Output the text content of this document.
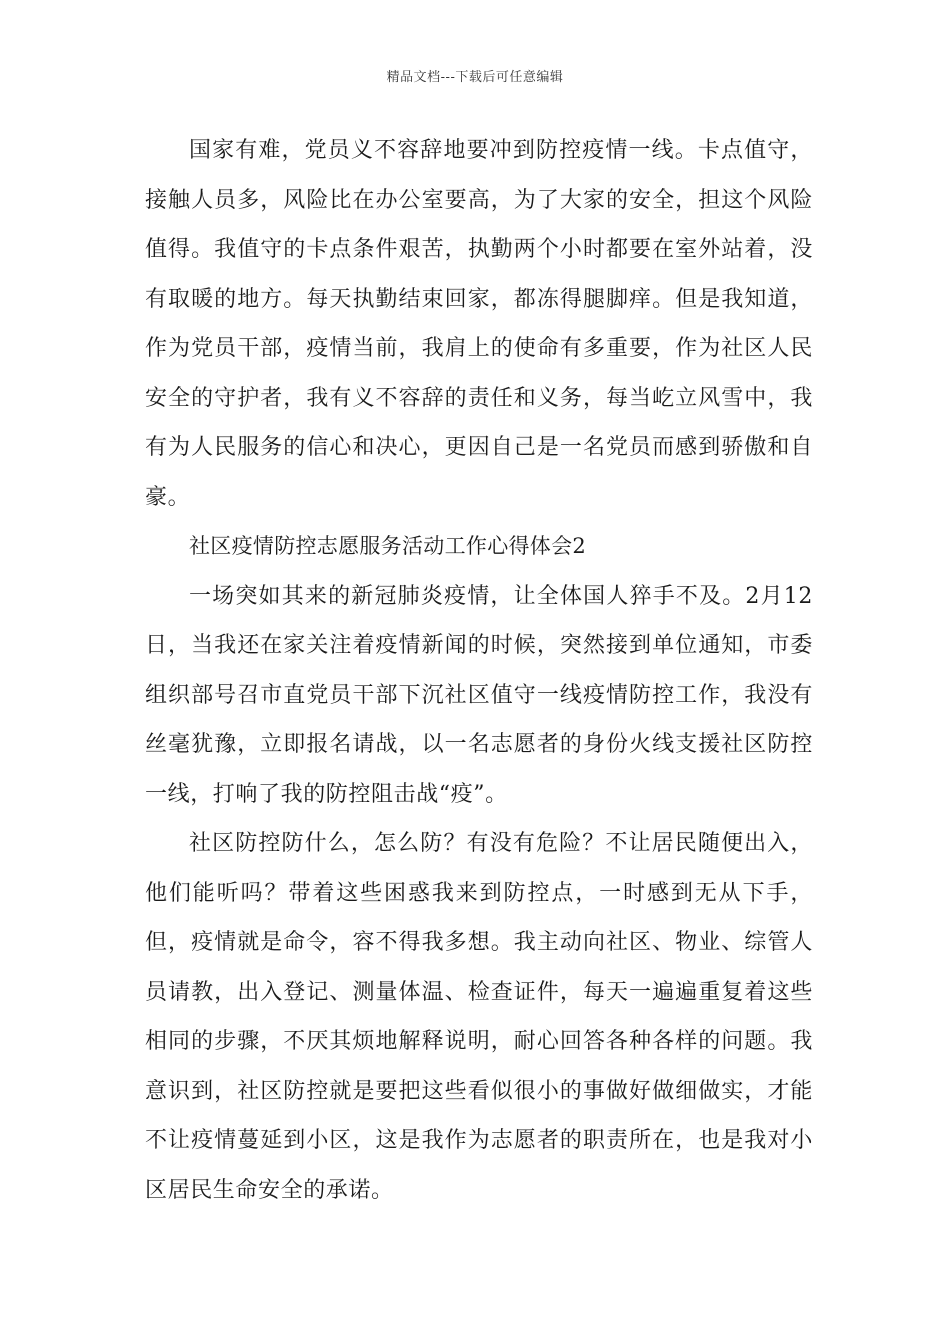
精品文档---下载后可任意编辑

国家有难，党员义不容辞地要冲到防控疫情一线。卡点值守，接触人员多，风险比在办公室要高，为了大家的安全，担这个风险值得。我值守的卡点条件艰苦，执勤两个小时都要在室外站着，没有取暖的地方。每天执勤结束回家，都冻得腿脚痒。但是我知道，作为党员干部，疫情当前，我肩上的使命有多重要，作为社区人民安全的守护者，我有义不容辞的责任和义务，每当屹立风雪中，我有为人民服务的信心和决心，更因自己是一名党员而感到骄傲和自豪。

社区疫情防控志愿服务活动工作心得体会2

一场突如其来的新冠肺炎疫情，让全体国人猝手不及。2月12日，当我还在家关注着疫情新闻的时候，突然接到单位通知，市委组织部号召市直党员干部下沉社区值守一线疫情防控工作，我没有丝毫犹豫，立即报名请战，以一名志愿者的身份火线支援社区防控一线，打响了我的防控阻击战“疫”。

社区防控防什么，怎么防？有没有危险？不让居民随便出入，他们能听吗？带着这些困惑我来到防控点，一时感到无从下手，但，疫情就是命令，容不得我多想。我主动向社区、物业、综管人员请教，出入登记、测量体温、检查证件，每天一遍遍重复着这些相同的步骤，不厌其烦地解释说明，耐心回答各种各样的问题。我意识到，社区防控就是要把这些看似很小的事做好做细做实，才能不让疫情蔓延到小区，这是我作为志愿者的职责所在，也是我对小区居民生命安全的承诺。
